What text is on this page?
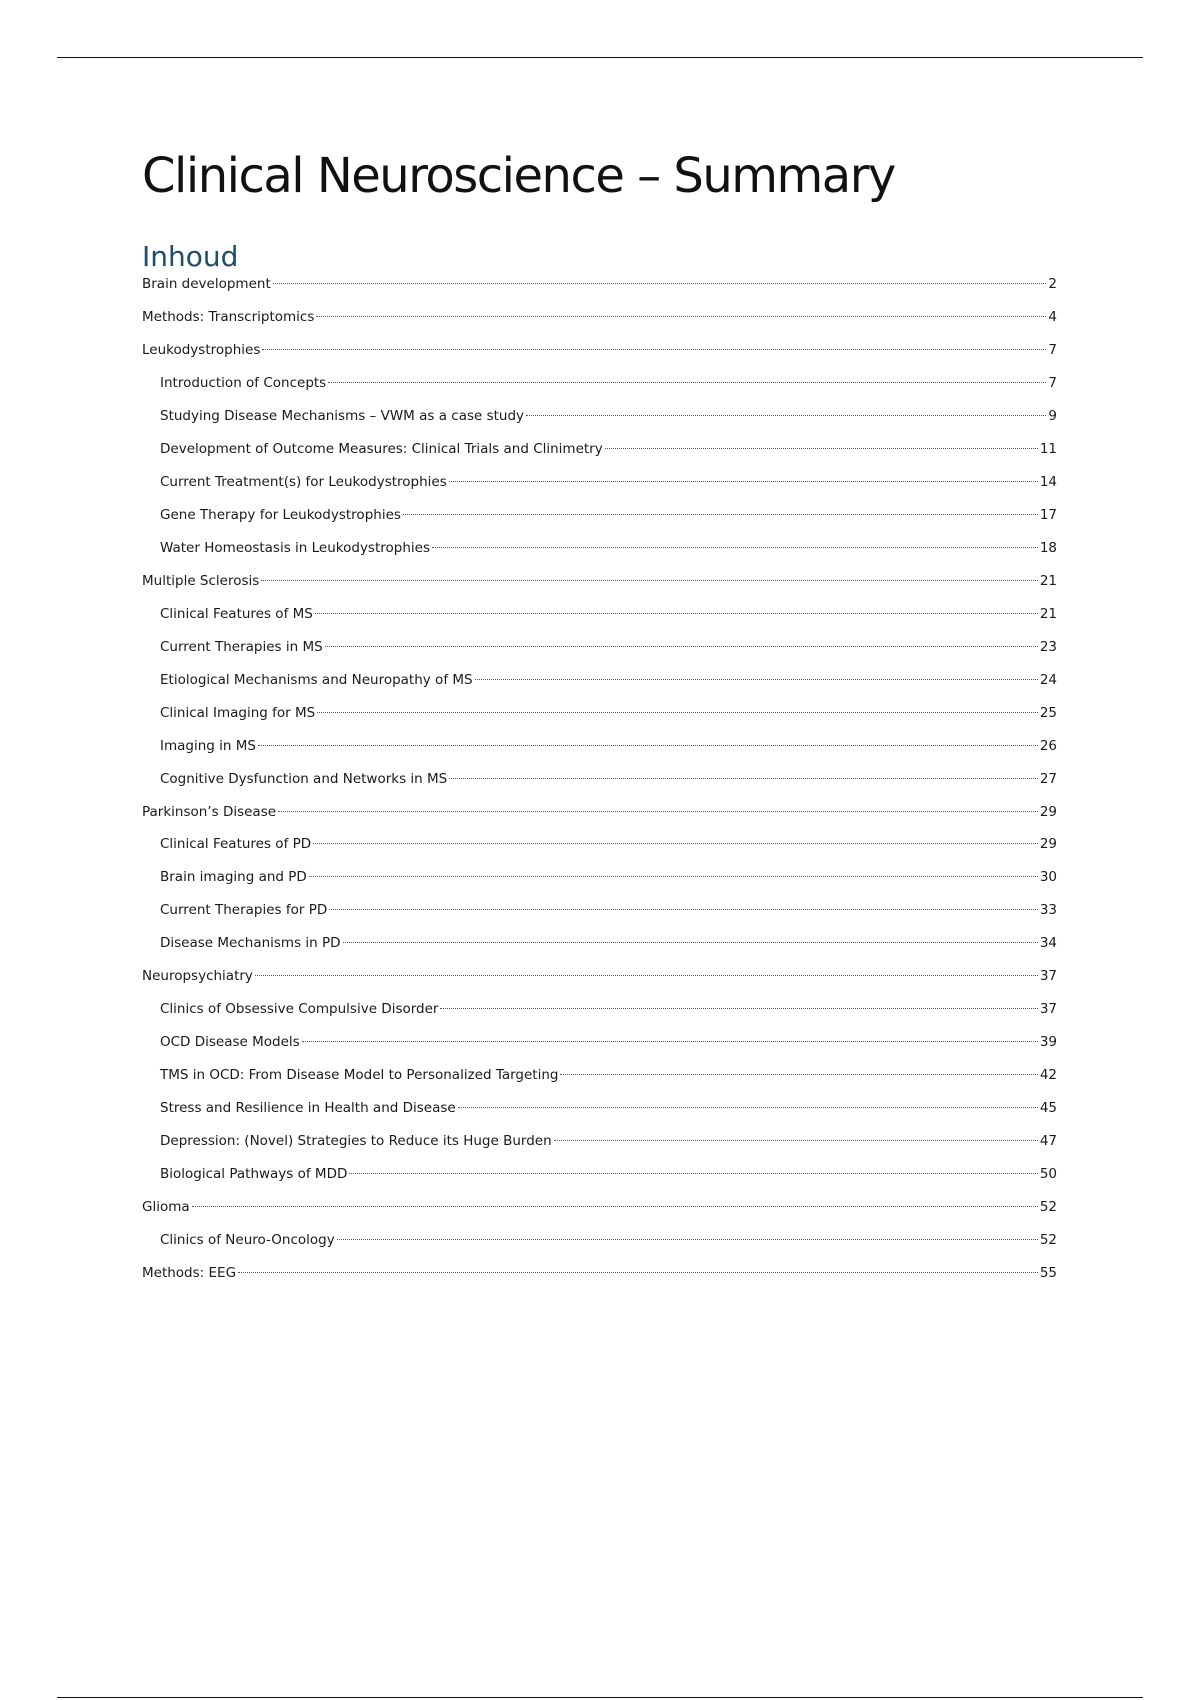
Clinical Neuroscience – Summary
Inhoud
Brain development	2
Methods: Transcriptomics	4
Leukodystrophies	7
Introduction of Concepts	7
Studying Disease Mechanisms – VWM as a case study	9
Development of Outcome Measures: Clinical Trials and Clinimetry	11
Current Treatment(s) for Leukodystrophies	14
Gene Therapy for Leukodystrophies	17
Water Homeostasis in Leukodystrophies	18
Multiple Sclerosis	21
Clinical Features of MS	21
Current Therapies in MS	23
Etiological Mechanisms and Neuropathy of MS	24
Clinical Imaging for MS	25
Imaging in MS	26
Cognitive Dysfunction and Networks in MS	27
Parkinson’s Disease	29
Clinical Features of PD	29
Brain imaging and PD	30
Current Therapies for PD	33
Disease Mechanisms in PD	34
Neuropsychiatry	37
Clinics of Obsessive Compulsive Disorder	37
OCD Disease Models	39
TMS in OCD: From Disease Model to Personalized Targeting	42
Stress and Resilience in Health and Disease	45
Depression: (Novel) Strategies to Reduce its Huge Burden	47
Biological Pathways of MDD	50
Glioma	52
Clinics of Neuro-Oncology	52
Methods: EEG	55
